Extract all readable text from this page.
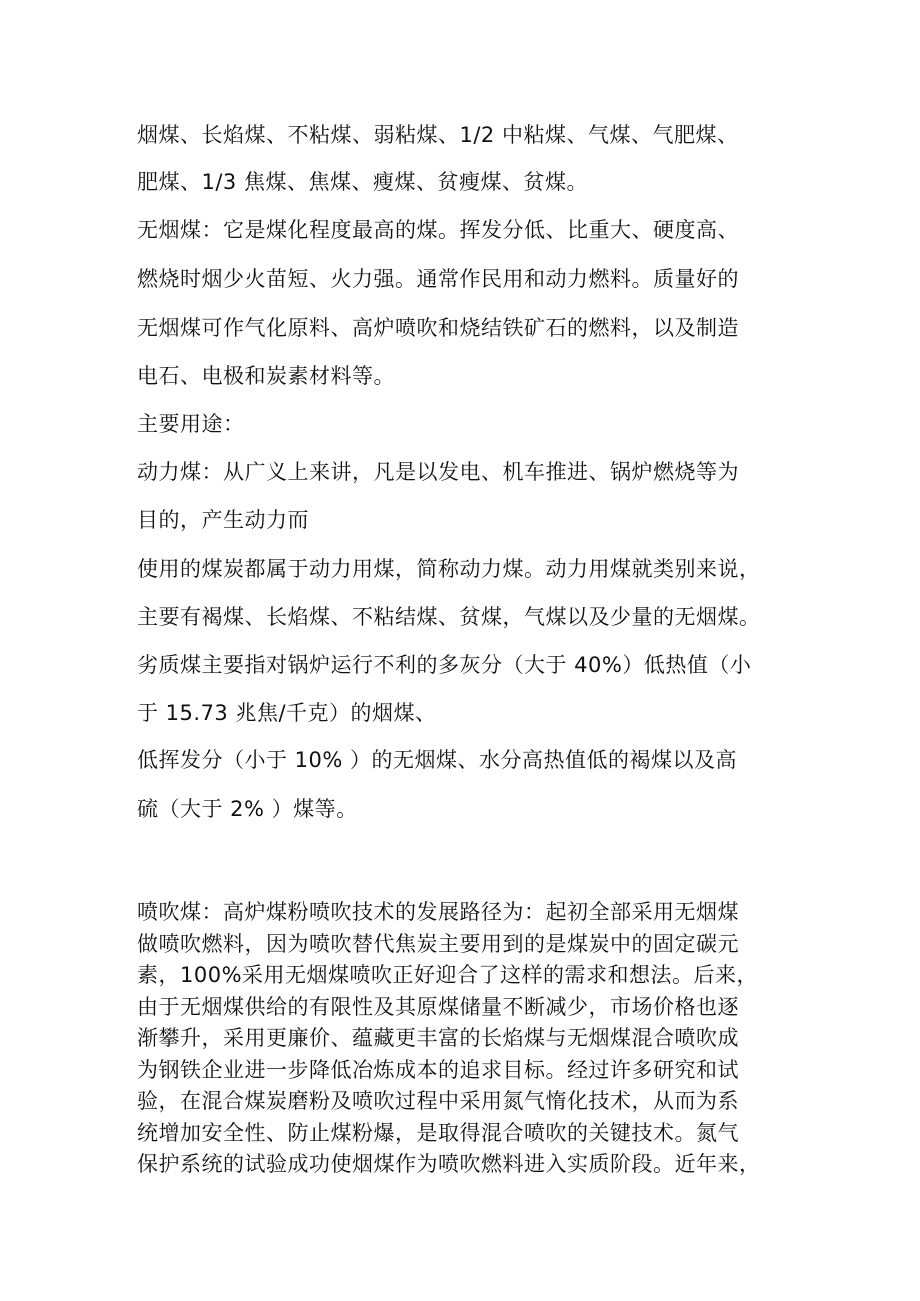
烟煤、长焰煤、不粘煤、弱粘煤、1/2 中粘煤、气煤、气肥煤、
肥煤、1/3 焦煤、焦煤、瘦煤、贫瘦煤、贫煤。
无烟煤：它是煤化程度最高的煤。挥发分低、比重大、硬度高、
燃烧时烟少火苗短、火力强。通常作民用和动力燃料。质量好的
无烟煤可作气化原料、高炉喷吹和烧结铁矿石的燃料，以及制造
电石、电极和炭素材料等。
主要用途：
动力煤：从广义上来讲，凡是以发电、机车推进、锅炉燃烧等为
目的，产生动力而
使用的煤炭都属于动力用煤，简称动力煤。动力用煤就类别来说，
主要有褐煤、长焰煤、不粘结煤、贫煤，气煤以及少量的无烟煤。
劣质煤主要指对锅炉运行不利的多灰分（大于 40%）低热值（小
于 15.73 兆焦/千克）的烟煤、
低挥发分（小于 10% ）的无烟煤、水分高热值低的褐煤以及高
硫（大于 2% ）煤等。
喷吹煤：高炉煤粉喷吹技术的发展路径为：起初全部采用无烟煤
做喷吹燃料，因为喷吹替代焦炭主要用到的是煤炭中的固定碳元
素，100%采用无烟煤喷吹正好迎合了这样的需求和想法。后来，
由于无烟煤供给的有限性及其原煤储量不断减少，市场价格也逐
渐攀升，采用更廉价、蕴藏更丰富的长焰煤与无烟煤混合喷吹成
为钢铁企业进一步降低冶炼成本的追求目标。经过许多研究和试
验，在混合煤炭磨粉及喷吹过程中采用氮气惰化技术，从而为系
统增加安全性、防止煤粉爆，是取得混合喷吹的关键技术。氮气
保护系统的试验成功使烟煤作为喷吹燃料进入实质阶段。近年来，
